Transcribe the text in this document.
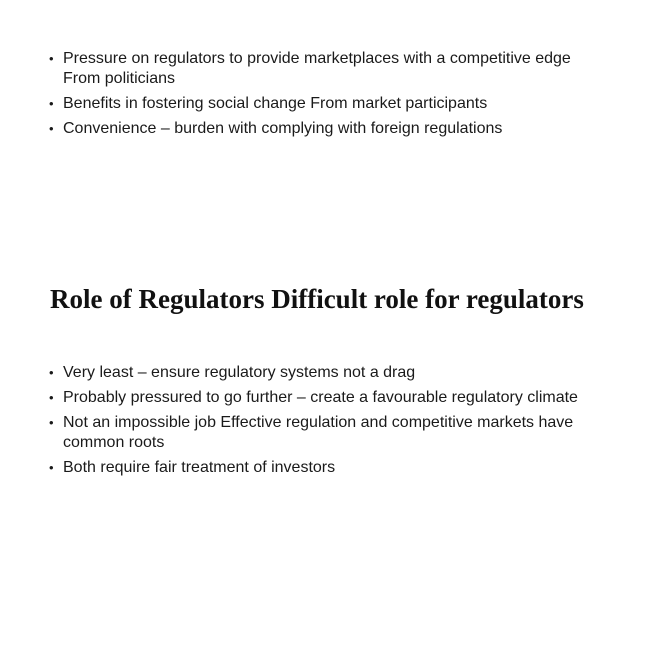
• Pressure on regulators to provide marketplaces with a competitive edge From politicians
• Benefits in fostering social change From market participants
• Convenience – burden with complying with foreign regulations
Role of Regulators Difficult role for regulators
• Very least – ensure regulatory systems not a drag
• Probably pressured to go further – create a favourable regulatory climate
• Not an impossible job Effective regulation and competitive markets have common roots
• Both require fair treatment of investors
